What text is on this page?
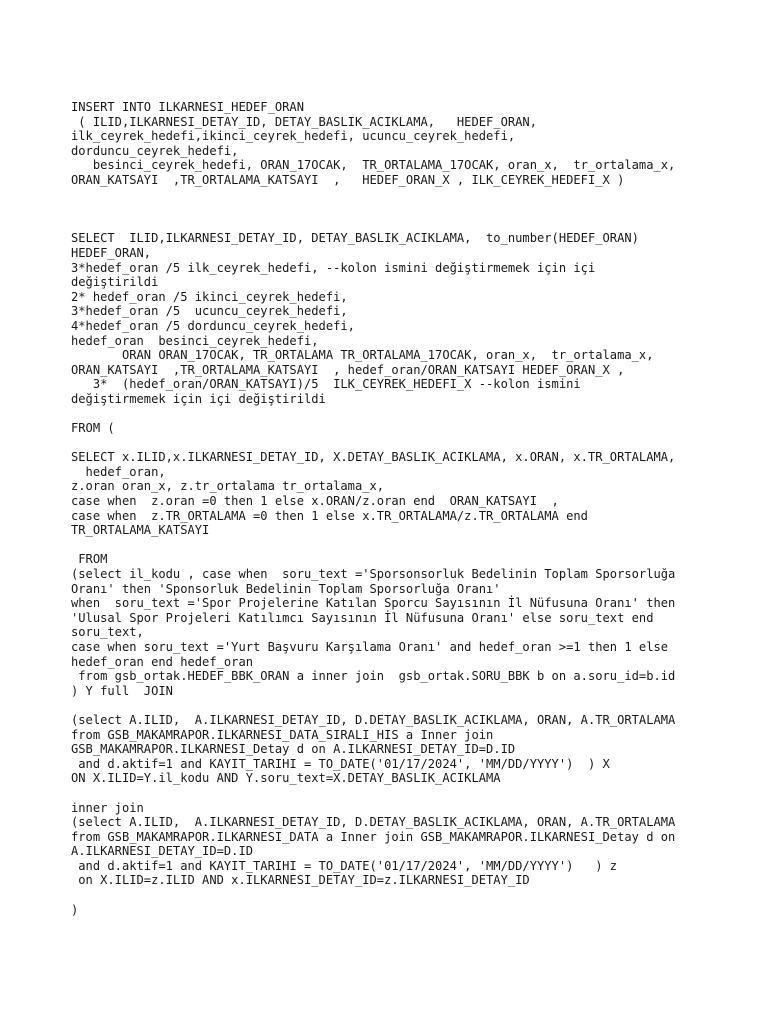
INSERT INTO ILKARNESI_HEDEF_ORAN
( ILID,ILKARNESI_DETAY_ID, DETAY_BASLIK_ACIKLAMA,   HEDEF_ORAN,
ilk_ceyrek_hedefi,ikinci_ceyrek_hedefi, ucuncu_ceyrek_hedefi,
dorduncu_ceyrek_hedefi,
besinci_ceyrek_hedefi, ORAN_17OCAK,  TR_ORTALAMA_17OCAK, oran_x,  tr_ortalama_x,
ORAN_KATSAYI  ,TR_ORTALAMA_KATSAYI  ,   HEDEF_ORAN_X , ILK_CEYREK_HEDEFI_X )
SELECT  ILID,ILKARNESI_DETAY_ID, DETAY_BASLIK_ACIKLAMA,  to_number(HEDEF_ORAN)
HEDEF_ORAN,
3*hedef_oran /5 ilk_ceyrek_hedefi, --kolon ismini değiştirmemek için içi
değiştirildi
2* hedef_oran /5 ikinci_ceyrek_hedefi,
3*hedef_oran /5  ucuncu_ceyrek_hedefi,
4*hedef_oran /5 dorduncu_ceyrek_hedefi,
hedef_oran  besinci_ceyrek_hedefi,
ORAN ORAN_17OCAK, TR_ORTALAMA TR_ORTALAMA_17OCAK, oran_x,  tr_ortalama_x,
ORAN_KATSAYI  ,TR_ORTALAMA_KATSAYI  , hedef_oran/ORAN_KATSAYI HEDEF_ORAN_X ,
3*  (hedef_oran/ORAN_KATSAYI)/5  ILK_CEYREK_HEDEFI_X --kolon ismini
değiştirmemek için içi değiştirildi
FROM (
SELECT x.ILID,x.ILKARNESI_DETAY_ID, X.DETAY_BASLIK_ACIKLAMA, x.ORAN, x.TR_ORTALAMA,
hedef_oran,
z.oran oran_x, z.tr_ortalama tr_ortalama_x,
case when  z.oran =0 then 1 else x.ORAN/z.oran end  ORAN_KATSAYI  ,
case when  z.TR_ORTALAMA =0 then 1 else x.TR_ORTALAMA/z.TR_ORTALAMA end
TR_ORTALAMA_KATSAYI
FROM
(select il_kodu , case when  soru_text ='Sporsonsorluk Bedelinin Toplam Sporsorluğa
Oranı' then 'Sponsorluk Bedelinin Toplam Sporsorluğa Oranı'
when  soru_text ='Spor Projelerine Katılan Sporcu Sayısının İl Nüfusuna Oranı' then
'Ulusal Spor Projeleri Katılımcı Sayısının İl Nüfusuna Oranı' else soru_text end
soru_text,
case when soru_text ='Yurt Başvuru Karşılama Oranı' and hedef_oran >=1 then 1 else
hedef_oran end hedef_oran
from gsb_ortak.HEDEF_BBK_ORAN a inner join  gsb_ortak.SORU_BBK b on a.soru_id=b.id
) Y full  JOIN
(select A.ILID,  A.ILKARNESI_DETAY_ID, D.DETAY_BASLIK_ACIKLAMA, ORAN, A.TR_ORTALAMA
from GSB_MAKAMRAPOR.ILKARNESI_DATA_SIRALI_HIS a Inner join
GSB_MAKAMRAPOR.ILKARNESI_Detay d on A.ILKARNESI_DETAY_ID=D.ID
and d.aktif=1 and KAYIT_TARIHI = TO_DATE('01/17/2024', 'MM/DD/YYYY')  ) X
ON X.ILID=Y.il_kodu AND Y.soru_text=X.DETAY_BASLIK_ACIKLAMA
inner join
(select A.ILID,  A.ILKARNESI_DETAY_ID, D.DETAY_BASLIK_ACIKLAMA, ORAN, A.TR_ORTALAMA
from GSB_MAKAMRAPOR.ILKARNESI_DATA a Inner join GSB_MAKAMRAPOR.ILKARNESI_Detay d on
A.ILKARNESI_DETAY_ID=D.ID
and d.aktif=1 and KAYIT_TARIHI = TO_DATE('01/17/2024', 'MM/DD/YYYY')   ) z
on X.ILID=z.ILID AND x.ILKARNESI_DETAY_ID=z.ILKARNESI_DETAY_ID
)
